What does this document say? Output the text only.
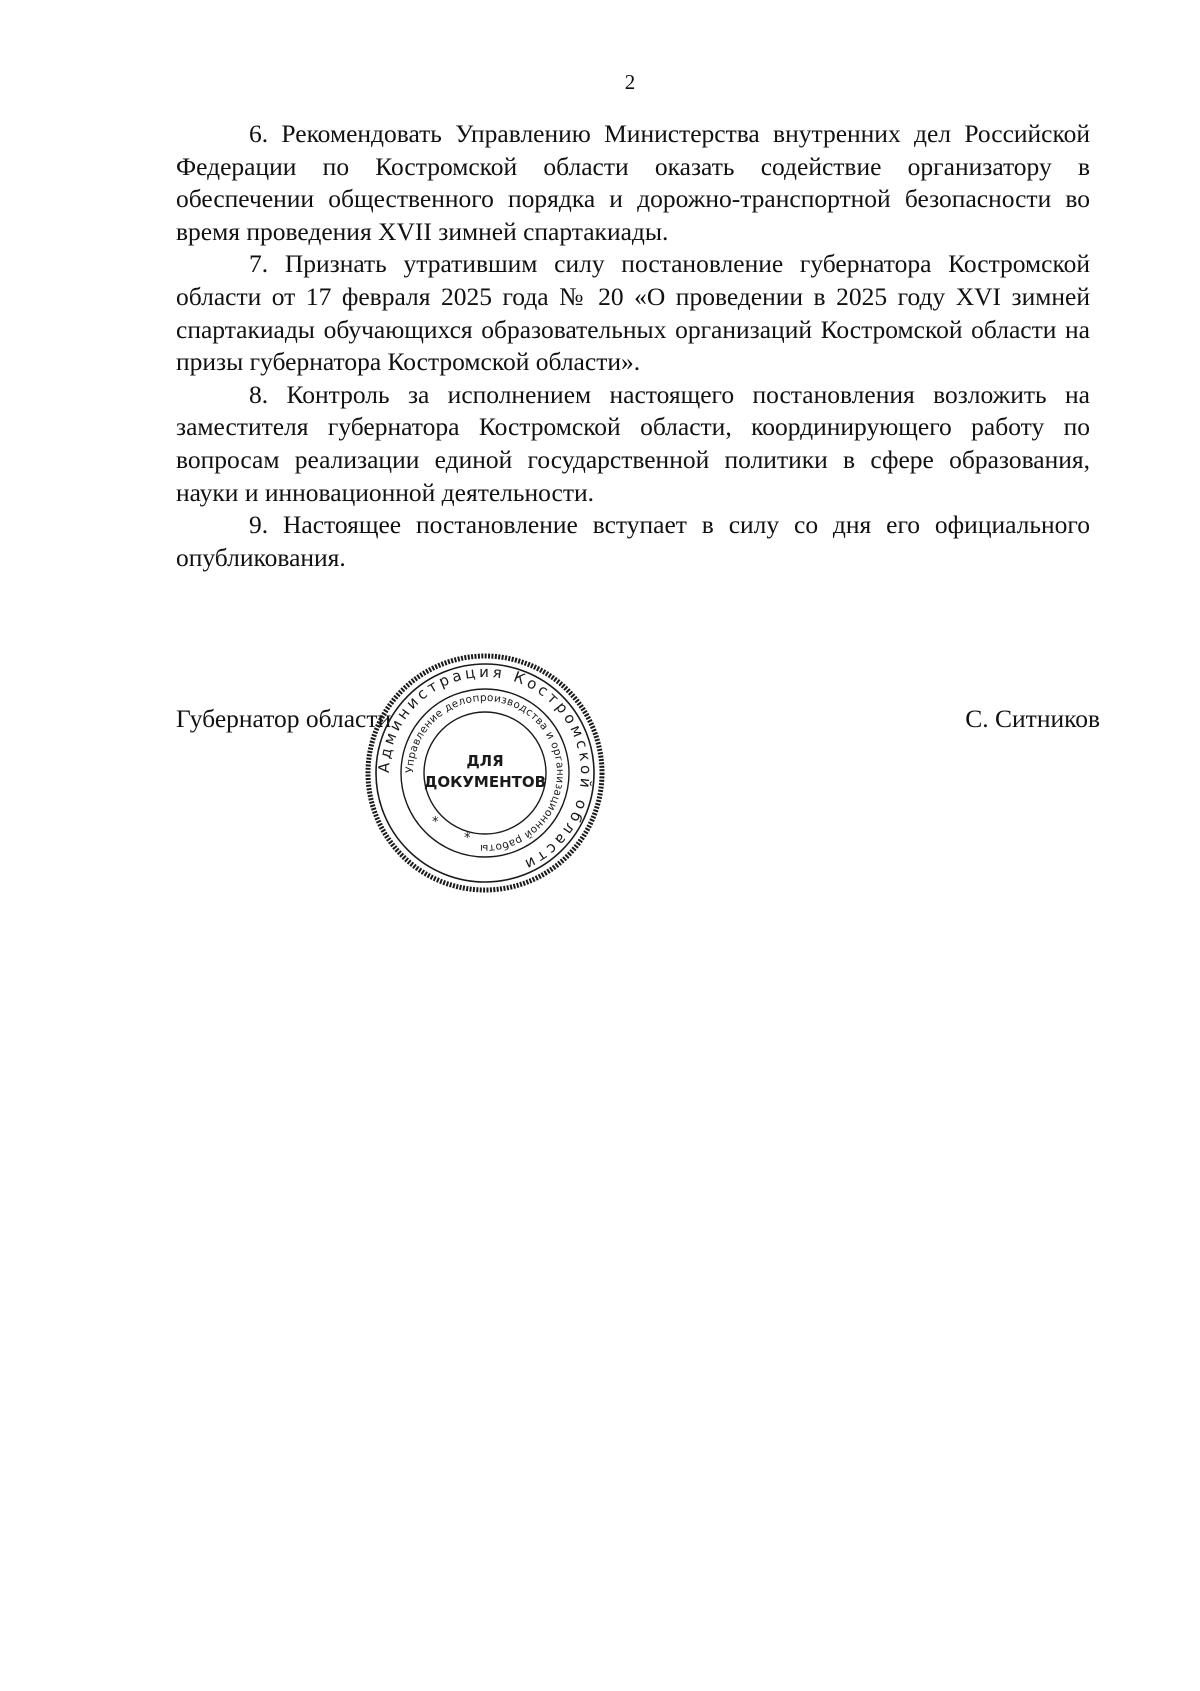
2

6. Рекомендовать Управлению Министерства внутренних дел Российской Федерации по Костромской области оказать содействие организатору в обеспечении общественного порядка и дорожно-транспортной безопасности во время проведения XVII зимней спартакиады.

7. Признать утратившим силу постановление губернатора Костромской области от 17 февраля 2025 года № 20 «О проведении в 2025 году XVI зимней спартакиады обучающихся образовательных организаций Костромской области на призы губернатора Костромской области».

8. Контроль за исполнением настоящего постановления возложить на заместителя губернатора Костромской области, координирующего работу по вопросам реализации единой государственной политики в сфере образования, науки и инновационной деятельности.

9. Настоящее постановление вступает в силу со дня его официального опубликования.

Губернатор области	С. Ситников
Администрация Костромской области
Управление делопроизводства и организационной работы
ДЛЯ
ДОКУМЕНТОВ
*
*
